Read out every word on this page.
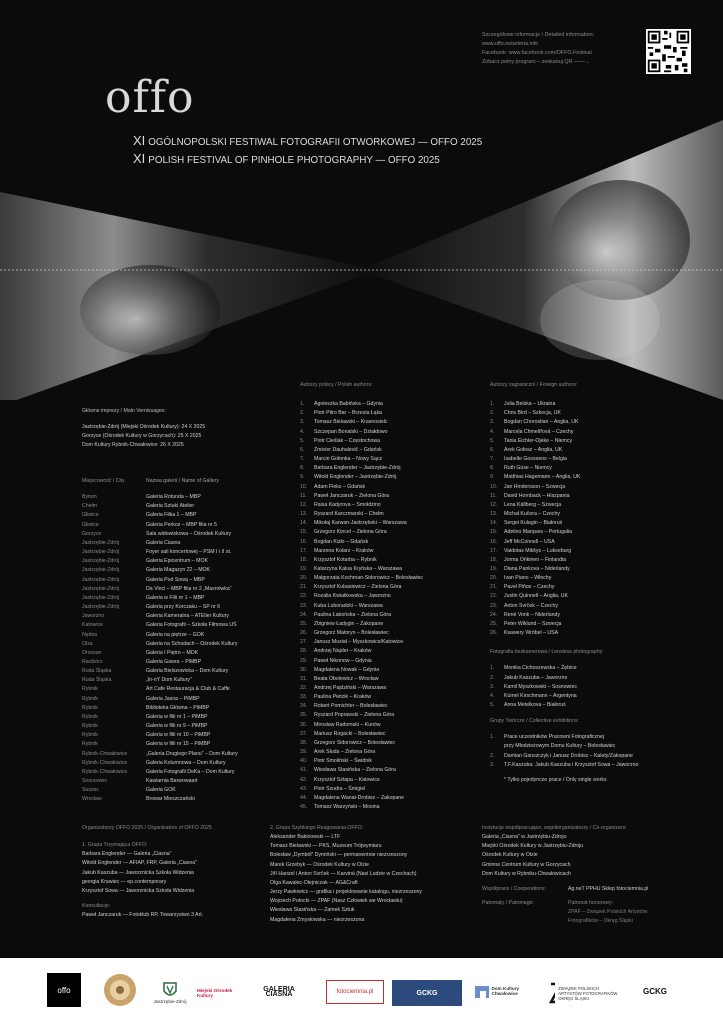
Szczegółowe informacje / Detailed information:
www.offo.netarteria.info
Facebook: www.facebook.com/OFFO.Festival
Zobacz pełny program – zeskanuj QR ——→
offo
XI OGÓLNOPOLSKI FESTIWAL FOTOGRAFII OTWORKOWEJ — OFFO 2025
XI POLISH FESTIVAL OF PINHOLE PHOTOGRAPHY — OFFO 2025
Główne imprezy / Main Vernissages:
Jastrzębie-Zdrój (Miejski Ośrodek Kultury): 24 X 2025
Gorzyce (Ośrodek Kultury w Gorzycach): 25 X 2025
Dom Kultury Rybnik-Chwałowice: 26 X 2025
Miejscowość / City	Nazwa galerii / Name of Gallery
Bytom	Galeria Rotunda – MBP
Chełm	Galeria Sztuki Atelier
Gliwice	Galeria Fiłka 1 – MBP
Gliwice	Galeria Perkoz – MBP filia nr 5
Gorzyce	Sala widowiskowa – Ośrodek Kultury
Jastrzębie-Zdrój	Galeria Ciasna
Jastrzębie-Zdrój	Foyer sali koncertowej – PSM I i II st.
Jastrzębie-Zdrój	Galeria Epicentrum – MOK
Jastrzębie-Zdrój	Galeria Magazyn 22 – MOK
Jastrzębie-Zdrój	Galeria Pod Sową – MBP
Jastrzębie-Zdrój	Da Vinci – MBP filia nr 2 „Masnówka”
Jastrzębie-Zdrój	Galeria w Filii nr 1 – MBP
Jastrzębie-Zdrój	Galeria przy Korczaku – SP nr 6
Jaworzno	Galeria Kameralna – ATElier Kultury
Katowice	Galeria Fotografii – Szkoła Filmowa UŚ
Nędza	Galeria na piętrze – GOK
Olza	Galeria na Schodach – Ośrodek Kultury
Orzesze	Galeria I Piętro – MOK
Racibórz	Galeria Gawra – PiMBP
Ruda Śląska	Galeria Bielszowicka – Dom Kultury
Ruda Śląska	„In-nY Dom Kultury”
Rybnik	Art Cafe Restauracja & Club & Caffe
Rybnik	Galeria Jasna – PiMBP
Rybnik	Biblioteka Główna – PiMBP
Rybnik	Galeria w filii nr 1 – PiMBP
Rybnik	Galeria w filii nr 9 – PiMBP
Rybnik	Galeria w filii nr 10 – PiMBP
Rybnik	Galeria w filii nr 15 – PiMBP
Rybnik-Chwałowice	„Galeria Drugiego Planu” – Dom Kultury
Rybnik-Chwałowice	Galeria Kolumnowa – Dom Kultury
Rybnik-Chwałowice	Galeria Fotografii DeKa – Dom Kultury
Sosnowiec	Kawiarnia Barwowaart
Suszec	Galeria GOK
Wrocław	Browar Mieszczański
Autorzy polscy / Polish authors:
1.	Agnieszka Babińska – Gdynia
2.	Piotr Pitro Bar – Brzezia Łąka
3.	Tomasz Bielawski – Krasnosielc
4.	Szczepan Bonalski – Działdowo
5.	Piotr Cieślak – Częstochowa
6.	Żmicier Dauhalevič – Gdańsk
7.	Marcin Gołonka – Nowy Sącz
8.	Barbara Englender – Jastrzębie-Zdrój
9.	Witold Englender – Jastrzębie-Zdrój
10.	Adam Fleks – Gdańsk
11.	Paweł Janczaruk – Zielona Góra
12.	Raisa Kadyrova – Smołdzino
13.	Ryszard Karczmarski – Chełm
14.	Mikołaj Karwan-Jastrzębski – Warszawa
15.	Grzegorz Kincel – Zielona Góra
16.	Bogdan Kizło – Gdańsk
17.	Marzena Kolarz – Kraków
18.	Krzysztof Kotarba – Rybnik
19.	Katarzyna Kalua Kryńska – Warszawa
20.	Małgorzata Kochman-Sidorowicz – Bolesławiec
21.	Krzysztof Kubasiewicz – Zielona Góra
22.	Rozalia Kwiatkowska – Jaworzno
23.	Kuba Luboradzki – Warszawa
24.	Paulina Łabońska – Zielona Góra
25.	Zbigniew Ładygin – Zakopane
26.	Grzegorz Matoryn – Bolesławiec
27.	Janusz Musiał – Myszkowice/Katowice
28.	Andrzej Najder – Kraków
29.	Paweł Nikonow – Gdynia
30.	Magdalena Nowak – Gdynia
31.	Beata Obolewicz – Wrocław
32.	Andrzej Pajdziński – Warszawa
33.	Paulina Pietzik – Kraków
34.	Robert Pomichter – Bolesławiec
35.	Ryszard Poprawski – Zielona Góra
36.	Mirosław Radomski – Kunów
37.	Mariusz Rogacki – Bolesławiec
38.	Grzegorz Sidorowicz – Bolesławiec
39.	Arek Słuda – Zielona Góra
40.	Piotr Smoliński – Świdnik
41.	Wiesława Stasińska – Zielona Góra
42.	Krzysztof Sztapa – Katowice
43.	Piotr Szudra – Śmigiel
44.	Magdalena Wanat-Drobisz – Zakopane
45.	Tomasz Warzyński – Mosina
Autorzy zagraniczni / Foreign authors:
1.	Julia Belska – Ukraina
2.	Chris Bird – Szkocja, UK
3.	Bogdan Chorostian – Anglia, UK
4.	Marcela Chmelířová – Czechy
5.	Tania Eichler-Ojeke – Niemcy
6.	Arek Gołosz – Anglia, UK
7.	Isabelle Goossens – Belgia
8.	Ruth Güse – Niemcy
9.	Matthias Hagemann – Anglia, UK
10.	Jan Hindersson – Szwecja
11.	David Hornback – Hiszpania
12.	Lena Källberg – Szwecja
13.	Michał Kučera – Czechy
14.	Sergei Kulagin – Białoruś
15.	Adelino Marques – Portugalia
16.	Jeff McConnell – USA
17.	Vaidotas Mikšys – Lukseburg
18.	Jorma Ońkinen – Finlandia
19.	Diana Pankova – Niderlandy
20.	Ivan Piano – Włochy
21.	Pavel Piňos – Czechy
22.	Justin Quinnell – Anglia, UK
23.	Anton Svrček – Czechy
24.	René Vonk – Niderlandy
25.	Peter Wiklund – Szwecja
26.	Ksawery Wróbel – USA
Fotografia bezkamerowa / Lensless photography:
1.	Monika Cichoszewska – Żębice
2.	Jakub Kaszuba – Jaworzno
3.	Kamil Myszkowski – Sosnowiec
4.	Kümel Kirschmann – Argentyna
5.	Anna Metelkova – Białoruś
Grupy Twórcze / Collective exhibitions:
1.	Prace uczestników Pracowni Fotograficznej
przy Młodzieżowym Domu Kultury – Bolesławiec
2.	Damian Ganszczyk i Janusz Drobisz – Kalety/Zakopane
3.	T.F.Kaszuba: Jakub Kaszuba i Krzysztof Sowa – Jaworzno
* Tylko pojedyncze prace / Only single works
Organizatorzy OFFO 2025 / Organisators of OFFO 2025
1. Grupa Trzymająca OFFO:
Barbara Englender — Galeria „Ciasna”
Witold Englender — AFIAP, FRP, Galeria „Ciasna”
Jakub Kaszuba — Jaworznicka Szkoła Widzenia
georgia Krawiec — ep.contemporary
Krzysztof Sowa — Jaworznicka Szkoła Widzenia
Konsultacje:
Paweł Janczaruk — Fotoklub RP, Towarzystwo 3 Art.
2. Grupa Szybkiego Reagowania OFFO:
Aleksander Bakinowski — LTF
Tomasz Bielawski — PKS, Muzeum Trójwymiaru
Bolesław „Dymból” Dymiński — permanentnie niezrzeszony
Marek Grzebyk — Ośrodek Kultury w Olzie
Jiří Hanzel i Anton Svrček — Karviná (Nasi Ludzie w Czechach)
Olga Kawalec-Olejniczak — AG&Craft
Jerzy Pawłowicz — grafika i projektowanie katalogu, niezrzeszony
Wojciech Potocki — ZPAF (Nasz Człowiek we Wrocławiu)
Wiesława Stasińska — Zamek Sztuk
Magdalena Zmysłowska — niezrzeszona
Instytucje współpracujące, współorganizatorzy / Co-organizers:
Galeria „Ciasna” w Jastrzębiu-Zdroju
Miejski Ośrodek Kultury w Jastrzębiu-Zdroju
Ośrodek Kultury w Olzie
Gminne Centrum Kultury w Gorzycach
Dom Kultury w Rybniku-Chwałowicach
Współprace / Cooperations:	Ag.neT PPHU Sklep fotociemnia.pl
Patronaty / Patronage:	Patronat honorowy:
ZPAF – Związek Polskich Artystów
Fotografików – Okręg Śląski
offo
Jastrzębie-Zdrój
Miejski Ośrodek Kultury
GALERIA CIASNA	fotociemnia.pl	GCKG
Dom Kultury Chwałowice
ZWIĄZEK POLSKICH ARTYSTÓW FOTOGRAFIKÓW OKRĘG ŚLĄSKI
GCKG
